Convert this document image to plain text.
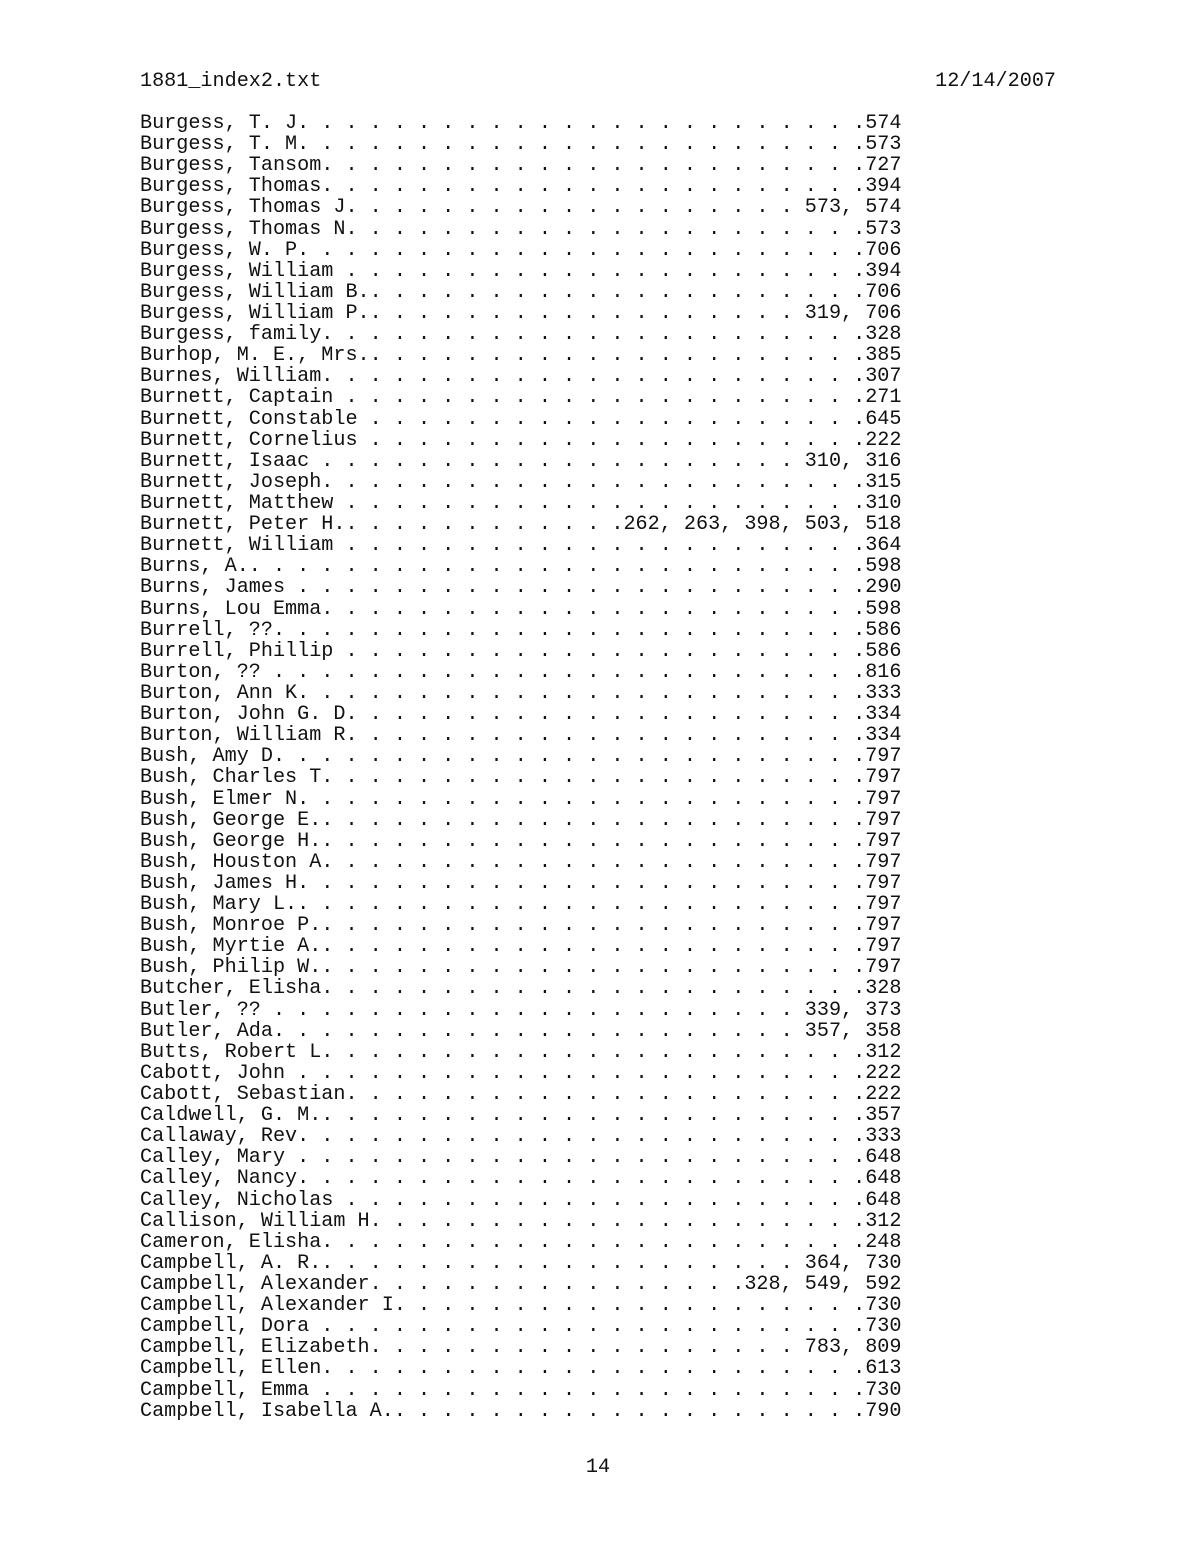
1881_index2.txt	12/14/2007
Burgess, T. J. . . . . . . . . . . . . . . . . . . . . . . .574
Burgess, T. M. . . . . . . . . . . . . . . . . . . . . . . .573
Burgess, Tansom. . . . . . . . . . . . . . . . . . . . . . .727
Burgess, Thomas. . . . . . . . . . . . . . . . . . . . . . .394
Burgess, Thomas J. . . . . . . . . . . . . . . . . . . 573, 574
Burgess, Thomas N. . . . . . . . . . . . . . . . . . . . . .573
Burgess, W. P. . . . . . . . . . . . . . . . . . . . . . . .706
Burgess, William . . . . . . . . . . . . . . . . . . . . . .394
Burgess, William B.. . . . . . . . . . . . . . . . . . . . .706
Burgess, William P.. . . . . . . . . . . . . . . . . . 319, 706
Burgess, family. . . . . . . . . . . . . . . . . . . . . . .328
Burhop, M. E., Mrs.. . . . . . . . . . . . . . . . . . . . .385
Burnes, William. . . . . . . . . . . . . . . . . . . . . . .307
Burnett, Captain . . . . . . . . . . . . . . . . . . . . . .271
Burnett, Constable . . . . . . . . . . . . . . . . . . . . .645
Burnett, Cornelius . . . . . . . . . . . . . . . . . . . . .222
Burnett, Isaac . . . . . . . . . . . . . . . . . . . . 310, 316
Burnett, Joseph. . . . . . . . . . . . . . . . . . . . . . .315
Burnett, Matthew . . . . . . . . . . . . . . . . . . . . . .310
Burnett, Peter H.. . . . . . . . . . . .262, 263, 398, 503, 518
Burnett, William . . . . . . . . . . . . . . . . . . . . . .364
Burns, A.. . . . . . . . . . . . . . . . . . . . . . . . . .598
Burns, James . . . . . . . . . . . . . . . . . . . . . . . .290
Burns, Lou Emma. . . . . . . . . . . . . . . . . . . . . . .598
Burrell, ??. . . . . . . . . . . . . . . . . . . . . . . . .586
Burrell, Phillip . . . . . . . . . . . . . . . . . . . . . .586
Burton, ?? . . . . . . . . . . . . . . . . . . . . . . . . .816
Burton, Ann K. . . . . . . . . . . . . . . . . . . . . . . .333
Burton, John G. D. . . . . . . . . . . . . . . . . . . . . .334
Burton, William R. . . . . . . . . . . . . . . . . . . . . .334
Bush, Amy D. . . . . . . . . . . . . . . . . . . . . . . . .797
Bush, Charles T. . . . . . . . . . . . . . . . . . . . . . .797
Bush, Elmer N. . . . . . . . . . . . . . . . . . . . . . . .797
Bush, George E.. . . . . . . . . . . . . . . . . . . . . . .797
Bush, George H.. . . . . . . . . . . . . . . . . . . . . . .797
Bush, Houston A. . . . . . . . . . . . . . . . . . . . . . .797
Bush, James H. . . . . . . . . . . . . . . . . . . . . . . .797
Bush, Mary L.. . . . . . . . . . . . . . . . . . . . . . . .797
Bush, Monroe P.. . . . . . . . . . . . . . . . . . . . . . .797
Bush, Myrtie A.. . . . . . . . . . . . . . . . . . . . . . .797
Bush, Philip W.. . . . . . . . . . . . . . . . . . . . . . .797
Butcher, Elisha. . . . . . . . . . . . . . . . . . . . . . .328
Butler, ?? . . . . . . . . . . . . . . . . . . . . . . 339, 373
Butler, Ada. . . . . . . . . . . . . . . . . . . . . . 357, 358
Butts, Robert L. . . . . . . . . . . . . . . . . . . . . . .312
Cabott, John . . . . . . . . . . . . . . . . . . . . . . . .222
Cabott, Sebastian. . . . . . . . . . . . . . . . . . . . . .222
Caldwell, G. M.. . . . . . . . . . . . . . . . . . . . . . .357
Callaway, Rev. . . . . . . . . . . . . . . . . . . . . . . .333
Calley, Mary . . . . . . . . . . . . . . . . . . . . . . . .648
Calley, Nancy. . . . . . . . . . . . . . . . . . . . . . . .648
Calley, Nicholas . . . . . . . . . . . . . . . . . . . . . .648
Callison, William H. . . . . . . . . . . . . . . . . . . . .312
Cameron, Elisha. . . . . . . . . . . . . . . . . . . . . . .248
Campbell, A. R.. . . . . . . . . . . . . . . . . . . . 364, 730
Campbell, Alexander. . . . . . . . . . . . . . . .328, 549, 592
Campbell, Alexander I. . . . . . . . . . . . . . . . . . . .730
Campbell, Dora . . . . . . . . . . . . . . . . . . . . . . .730
Campbell, Elizabeth. . . . . . . . . . . . . . . . . . 783, 809
Campbell, Ellen. . . . . . . . . . . . . . . . . . . . . . .613
Campbell, Emma . . . . . . . . . . . . . . . . . . . . . . .730
Campbell, Isabella A.. . . . . . . . . . . . . . . . . . . .790
14
